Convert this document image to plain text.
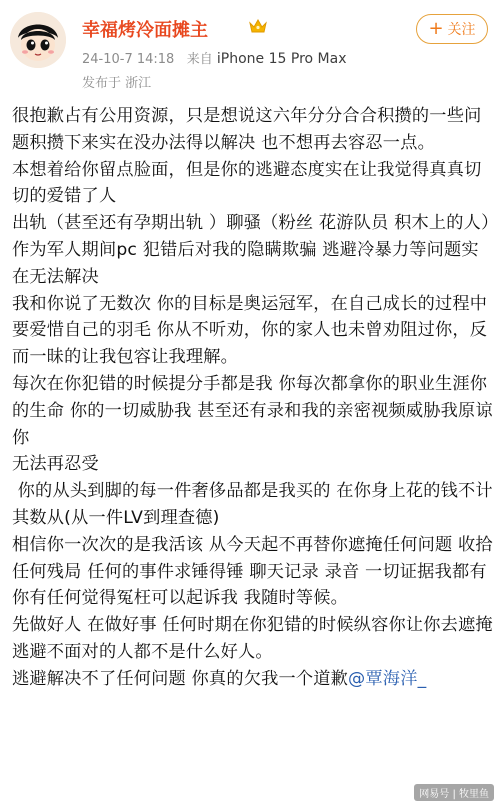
幸福烤冷面摊主
24-10-7 14:18 来自 iPhone 15 Pro Max
发布于 浙江
+ 关注

很抱歉占有公用资源，只是想说这六年分分合合积攒的一些问题积攒下来实在没办法得以解决 也不想再去容忍一点。

本想着给你留点脸面，但是你的逃避态度实在让我觉得真真切切的爱错了人

出轨（甚至还有孕期出轨 ）聊骚（粉丝 花游队员 积木上的人）作为军人期间pc 犯错后对我的隐瞒欺骗 逃避冷暴力等问题实在无法解决

我和你说了无数次 你的目标是奥运冠军，在自己成长的过程中要爱惜自己的羽毛 你从不听劝，你的家人也未曾劝阻过你，反而一昧的让我包容让我理解。

每次在你犯错的时候提分手都是我 你每次都拿你的职业生涯你的生命 你的一切威胁我 甚至还有录和我的亲密视频威胁我原谅你

无法再忍受

你的从头到脚的每一件奢侈品都是我买的 在你身上花的钱不计其数从(从一件LV到理查德)

相信你一次次的是我活该 从今天起不再替你遮掩任何问题 收拾任何残局 任何的事件求锤得锤 聊天记录 录音 一切证据我都有 你有任何觉得冤枉可以起诉我 我随时等候。

先做好人 在做好事 任何时期在你犯错的时候纵容你让你去遮掩逃避不面对的人都不是什么好人。

逃避解决不了任何问题 你真的欠我一个道歉@覃海洋_

网易号 | 牧里鱼
